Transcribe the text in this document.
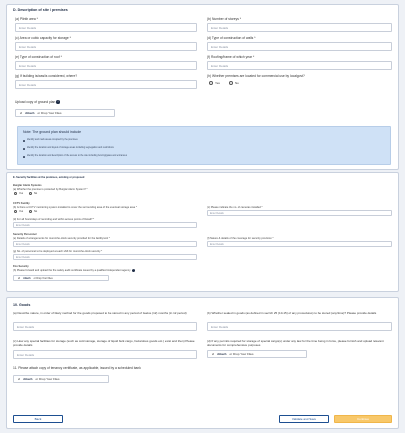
D. Description of site / premises
(a) Plinth area *
Enter Details
(b) Number of storeys *
Enter Details
(c) Area or cubic capacity for storage *
Enter Details
(d) Type of construction of walls *
Enter Details
(e) Type of construction of roof *
Enter Details
(f) Roofing/frame of which year *
Enter Details
(g) If building is/was/is considered, where?
Enter Details
(h) Whether premises are located for commercial use by localgovt?
Yes	No
Upload copy of ground plan i
⌀ Attach or Drop Your Files
Note: The ground plan should include
Identify and mark areas occupied by the premises
Identify the location and layout of storage areas including segregation and restrictions
Identify the location and description of the access to the site including fencing/gates and entrances
E. Security facilities at the premises, existing or proposed
Burglar Alarm Systems
(a) Whether the premise is protected by Burglar Alarm System? *
Yes	No
CCTV Facility
(b) Is there a CCTV monitoring system installed to cover the surrounding area of the eventual storage area *
Yes	No
(c) Please indicate the no. of cameras installed *
Enter Details
(d) For all hours/days of recording and within access points of Detail? *
Enter Details
Security Personnel
(e) Details of arrangements for round-the-clock security provided for the facility/unit *
Enter Details
(f) Nature & details of the coverage for security provision *
Enter Details
(g) No. of personnel to be deployed at each shift for round-the-clock security *
Enter Details
Fire Security
(h) Please forward and upload the fire safety audit certificate issued by a qualified independent agency i
⌀ Attach or Drop Your Files
10. Goods
(a) Describe nature, in order of likely method for the goods proposed to be stored in any period of twelve (12) months (in 12 period)
Enter Details
(b) Whether sealed in goods (as defined in sec/ch 25 (10-15) of any procedures) to be stored (any/time)? Please provide details
Enter Details
(c) How any special facilities for storage (such as cold storage, storage of liquid bulk cargo, hazardous goods etc.) exist and then) Please provide details
Enter Details
(d) If any permits required for storage of special cargo(s) under any law for the time being in force, please furnish and upload relevant documents for comprehensive purposes
⌀ Attach or Drop Your Files
11. Please attach copy of tenancy certificate, as applicable, issued by a scheduled bank
⌀ Attach or Drop Your Files
Back	Validate and Save	Continue
